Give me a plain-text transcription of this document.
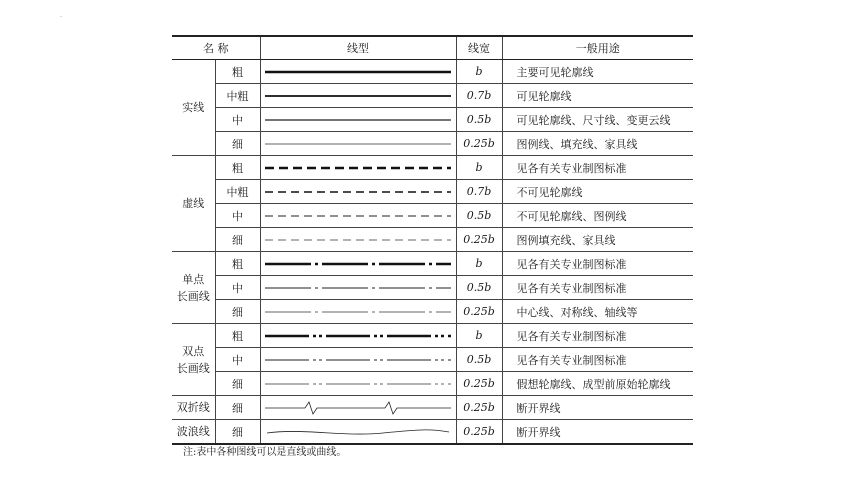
.
名 称		线型	线宽	一般用途
实线	粗		b	主要可见轮廓线
	中粗		0.7b	可见轮廓线
	中		0.5b	可见轮廓线、尺寸线、变更云线
	细		0.25b	图例线、填充线、家具线
虚线	粗		b	见各有关专业制图标准
	中粗		0.7b	不可见轮廓线
	中		0.5b	不可见轮廓线、图例线
	细		0.25b	图例填充线、家具线

单点
长画线	粗		b	见各有关专业制图标准
	中		0.5b	见各有关专业制图标准
	细		0.25b	中心线、对称线、轴线等

双点
长画线	粗		b	见各有关专业制图标准
	中		0.5b	见各有关专业制图标准
	细		0.25b	假想轮廓线、成型前原始轮廓线
双折线	细		0.25b	断开界线
波浪线	细		0.25b	断开界线
注:表中各种图线可以是直线或曲线。
